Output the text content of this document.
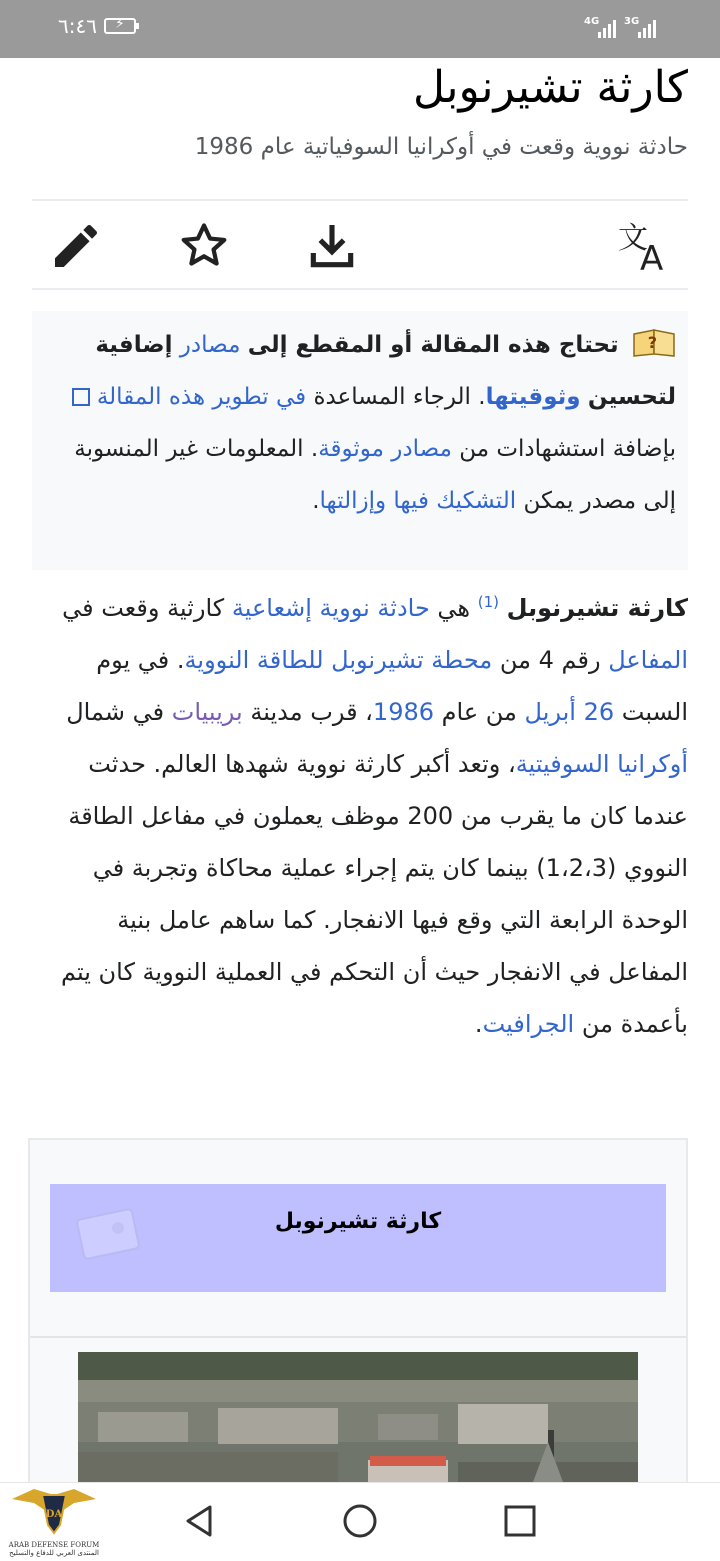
٦:٤٦ ⚡	4G 3G
كارثة تشيرنوبل
حادثة نووية وقعت في أوكرانيا السوفياتية عام 1986
文
A
?
تحتاج هذه المقالة أو المقطع إلى مصادر إضافية لتحسين وثوقيتها. الرجاء المساعدة في تطوير هذه المقالة  بإضافة استشهادات من مصادر موثوقة. المعلومات غير المنسوبة إلى مصدر يمكن التشكيك فيها وإزالتها.
كارثة تشيرنوبل $^{(1)}$ هي حادثة نووية إشعاعية كارثية وقعت في المفاعل رقم 4 من محطة تشيرنوبل للطاقة النووية. في يوم السبت 26 أبريل من عام 1986، قرب مدينة بريبيات في شمال أوكرانيا السوفيتية، وتعد أكبر كارثة نووية شهدها العالم. حدثت عندما كان ما يقرب من 200 موظف يعملون في مفاعل الطاقة النووي (1،2،3) بينما كان يتم إجراء عملية محاكاة وتجربة في الوحدة الرابعة التي وقع فيها الانفجار. كما ساهم عامل بنية المفاعل في الانفجار حيث أن التحكم في العملية النووية كان يتم بأعمدة من الجرافيت.
كارثة تشيرنوبل
DA
ARAB DEFENSE FORUM
المنتدى العربي للدفاع والتسليح
